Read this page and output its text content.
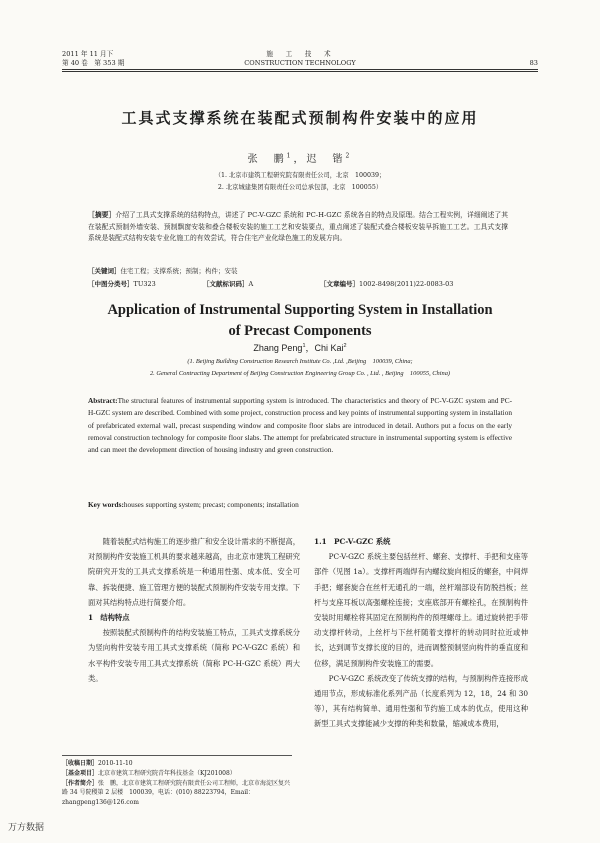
2011 年 11 月下
第 40 卷　第 353 期
施　工　技　术
CONSTRUCTION TECHNOLOGY	83
工具式支撑系统在装配式预制构件安装中的应用
张　鹏$^1$，迟　锴$^2$
（1. 北京市建筑工程研究院有限责任公司，北京　100039；
2. 北京城建集团有限责任公司总承包部，北京　100055）
［摘要］介绍了工具式支撑系统的结构特点，讲述了 PC-V-GZC 系统和 PC-H-GZC 系统各自的特点及原理。结合工程实例，详细阐述了其在装配式预制外墙安装、预制飘窗安装和叠合楼板安装的施工工艺和安装要点，重点阐述了装配式叠合楼板安装早拆施工工艺。工具式支撑系统是装配式结构安装专业化施工的有效尝试，符合住宅产业化绿色施工的发展方向。
［关键词］住宅工程；支撑系统；预制；构件；安装
［中图分类号］TU323	［文献标识码］A	［文章编号］1002-8498(2011)22-0083-03
Application of Instrumental Supporting System in Installation
of Precast Components
Zhang Peng$^1$，Chi Kai$^2$
(1. Beijing Building Construction Research Institute Co. ,Ltd. ,Beijing　100039, China;
2. General Contracting Department of Beijing Construction Engineering Group Co. , Ltd. , Beijing　100055, China)
Abstract:The structural features of instrumental supporting system is introduced. The characteristics and theory of PC-V-GZC system and PC-H-GZC system are described. Combined with some project, construction process and key points of instrumental supporting system in installation of prefabricated external wall, precast suspending window and composite floor slabs are introduced in detail. Authors put a focus on the early removal construction technology for composite floor slabs. The attempt for prefabricated structure in instrumental supporting system is effective and can meet the development direction of housing industry and green construction.
Key words:houses supporting system; precast; components; installation

随着装配式结构施工的逐步推广和安全设计需求的不断提高，对预制构件安装施工机具的要求越来越高，由北京市建筑工程研究院研究开发的工具式支撑系统是一种通用性强、成本低、安全可靠、拆装便捷、施工管理方便的装配式预制构件安装专用支撑。下面对其结构特点进行简要介绍。

1　结构特点

按照装配式预制构件的结构安装施工特点，工具式支撑系统分为竖向构件安装专用工具式支撑系统（简称 PC-V-GZC 系统）和水平构件安装专用工具式支撑系统（简称 PC-H-GZC 系统）两大类。

1.1　PC-V-GZC 系统

PC-V-GZC 系统主要包括丝杆、螺套、支撑杆、手把和支座等部件（见图 1a）。支撑杆两端焊有内螺纹旋向相反的螺套，中间焊手把；螺套旋合在丝杆无通孔的一端，丝杆端部设有防脱挡板；丝杆与支座耳板以高强螺栓连接；支座底部开有螺栓孔，在预制构件安装时用螺栓将其固定在预制构件的预埋螺母上。通过旋转把手带动支撑杆转动，上丝杆与下丝杆随着支撑杆的转动同时拉近或伸长，达到调节支撑长度的目的，进而调整预制竖向构件的垂直度和位移，满足预制构件安装施工的需要。

PC-V-GZC 系统改变了传统支撑的结构，与预制构件连接形成通用节点，形成标准化系列产品（长度系列为 12，18，24 和 30 等），其有结构简单、通用性强和节约施工成本的优点，使用这种新型工具式支撑能减少支撑的种类和数量，缩减成本费用，

［收稿日期］2010-11-10
［基金项目］北京市建筑工程研究院青年科技基金（KJ201008）
［作者简介］张　鹏，北京市建筑工程研究院有限责任公司工程师，北京市海淀区复兴路 34 号院稷第 2 层楼　100039，电话：(010) 88223794，Email：zhangpeng136@126.com
万方数据
